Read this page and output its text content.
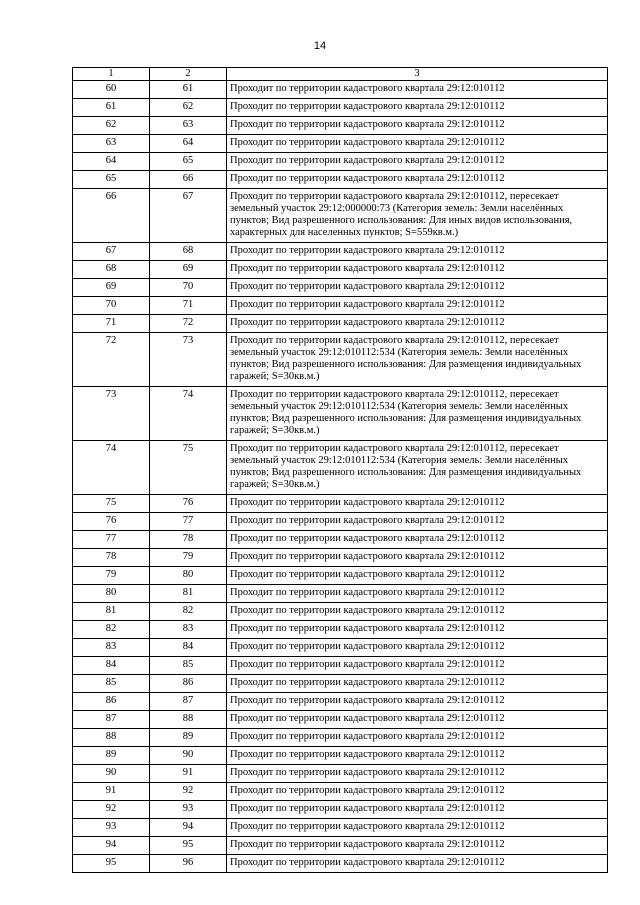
14
1	2	3
60	61	Проходит по территории кадастрового квартала 29:12:010112
61	62	Проходит по территории кадастрового квартала 29:12:010112
62	63	Проходит по территории кадастрового квартала 29:12:010112
63	64	Проходит по территории кадастрового квартала 29:12:010112
64	65	Проходит по территории кадастрового квартала 29:12:010112
65	66	Проходит по территории кадастрового квартала 29:12:010112
66	67	Проходит по территории кадастрового квартала 29:12:010112, пересекает земельный участок 29:12:000000:73 (Категория земель: Земли населённых пунктов; Вид разрешенного использования: Для иных видов использования, характерных для населенных пунктов; S=559кв.м.)
67	68	Проходит по территории кадастрового квартала 29:12:010112
68	69	Проходит по территории кадастрового квартала 29:12:010112
69	70	Проходит по территории кадастрового квартала 29:12:010112
70	71	Проходит по территории кадастрового квартала 29:12:010112
71	72	Проходит по территории кадастрового квартала 29:12:010112
72	73	Проходит по территории кадастрового квартала 29:12:010112, пересекает земельный участок 29:12:010112:534 (Категория земель: Земли населённых пунктов; Вид разрешенного использования: Для размещения индивидуальных гаражей; S=30кв.м.)
73	74	Проходит по территории кадастрового квартала 29:12:010112, пересекает земельный участок 29:12:010112:534 (Категория земель: Земли населённых пунктов; Вид разрешенного использования: Для размещения индивидуальных гаражей; S=30кв.м.)
74	75	Проходит по территории кадастрового квартала 29:12:010112, пересекает земельный участок 29:12:010112:534 (Категория земель: Земли населённых пунктов; Вид разрешенного использования: Для размещения индивидуальных гаражей; S=30кв.м.)
75	76	Проходит по территории кадастрового квартала 29:12:010112
76	77	Проходит по территории кадастрового квартала 29:12:010112
77	78	Проходит по территории кадастрового квартала 29:12:010112
78	79	Проходит по территории кадастрового квартала 29:12:010112
79	80	Проходит по территории кадастрового квартала 29:12:010112
80	81	Проходит по территории кадастрового квартала 29:12:010112
81	82	Проходит по территории кадастрового квартала 29:12:010112
82	83	Проходит по территории кадастрового квартала 29:12:010112
83	84	Проходит по территории кадастрового квартала 29:12:010112
84	85	Проходит по территории кадастрового квартала 29:12:010112
85	86	Проходит по территории кадастрового квартала 29:12:010112
86	87	Проходит по территории кадастрового квартала 29:12:010112
87	88	Проходит по территории кадастрового квартала 29:12:010112
88	89	Проходит по территории кадастрового квартала 29:12:010112
89	90	Проходит по территории кадастрового квартала 29:12:010112
90	91	Проходит по территории кадастрового квартала 29:12:010112
91	92	Проходит по территории кадастрового квартала 29:12:010112
92	93	Проходит по территории кадастрового квартала 29:12:010112
93	94	Проходит по территории кадастрового квартала 29:12:010112
94	95	Проходит по территории кадастрового квартала 29:12:010112
95	96	Проходит по территории кадастрового квартала 29:12:010112
